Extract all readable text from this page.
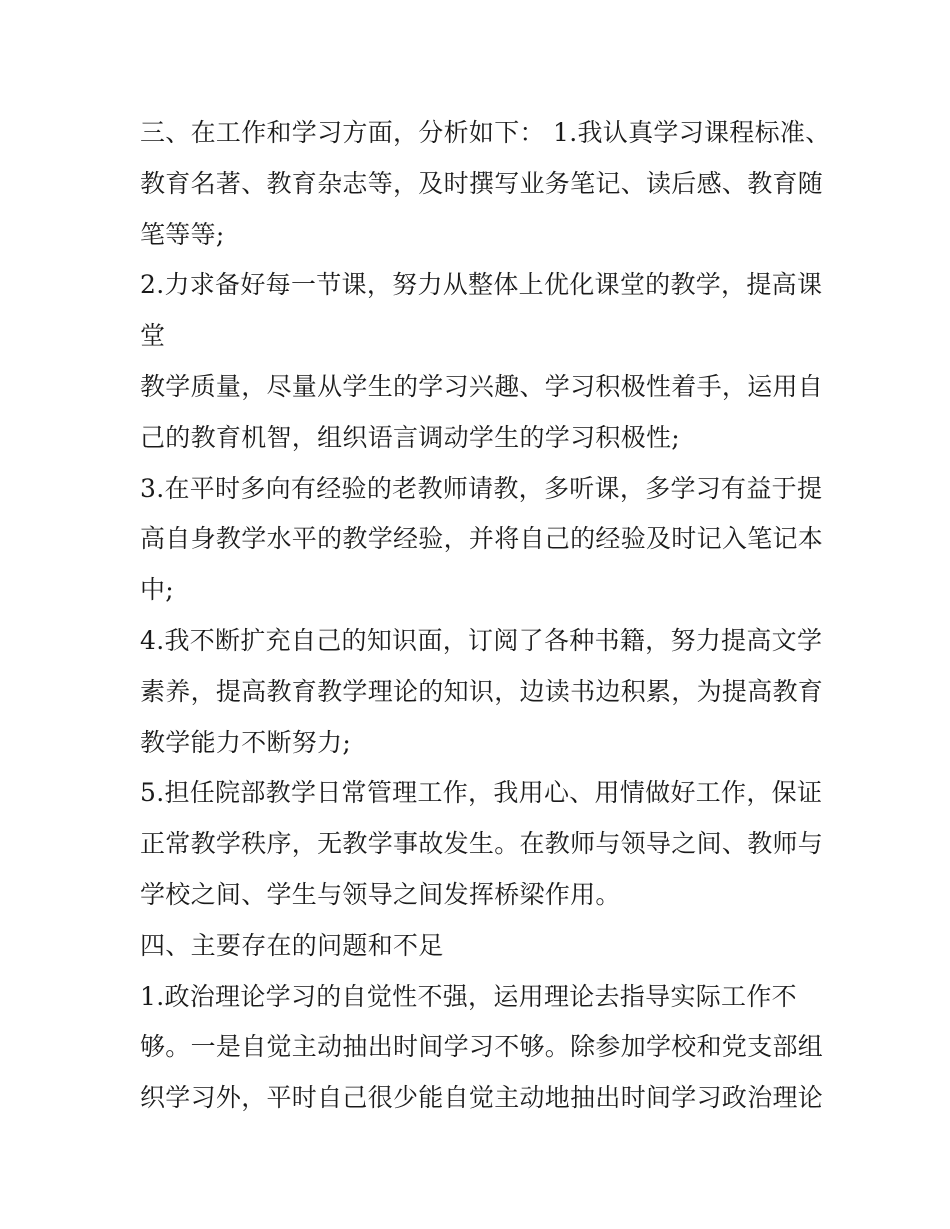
三、在工作和学习方面，分析如下： 1.我认真学习课程标准、
教育名著、教育杂志等，及时撰写业务笔记、读后感、教育随
笔等等;
2.力求备好每一节课，努力从整体上优化课堂的教学，提高课
堂
教学质量，尽量从学生的学习兴趣、学习积极性着手，运用自
己的教育机智，组织语言调动学生的学习积极性;
3.在平时多向有经验的老教师请教，多听课，多学习有益于提
高自身教学水平的教学经验，并将自己的经验及时记入笔记本
中;
4.我不断扩充自己的知识面，订阅了各种书籍，努力提高文学
素养，提高教育教学理论的知识，边读书边积累，为提高教育
教学能力不断努力;
5.担任院部教学日常管理工作，我用心、用情做好工作，保证
正常教学秩序，无教学事故发生。在教师与领导之间、教师与
学校之间、学生与领导之间发挥桥梁作用。
四、主要存在的问题和不足
1.政治理论学习的自觉性不强，运用理论去指导实际工作不
够。一是自觉主动抽出时间学习不够。除参加学校和党支部组
织学习外，平时自己很少能自觉主动地抽出时间学习政治理论
